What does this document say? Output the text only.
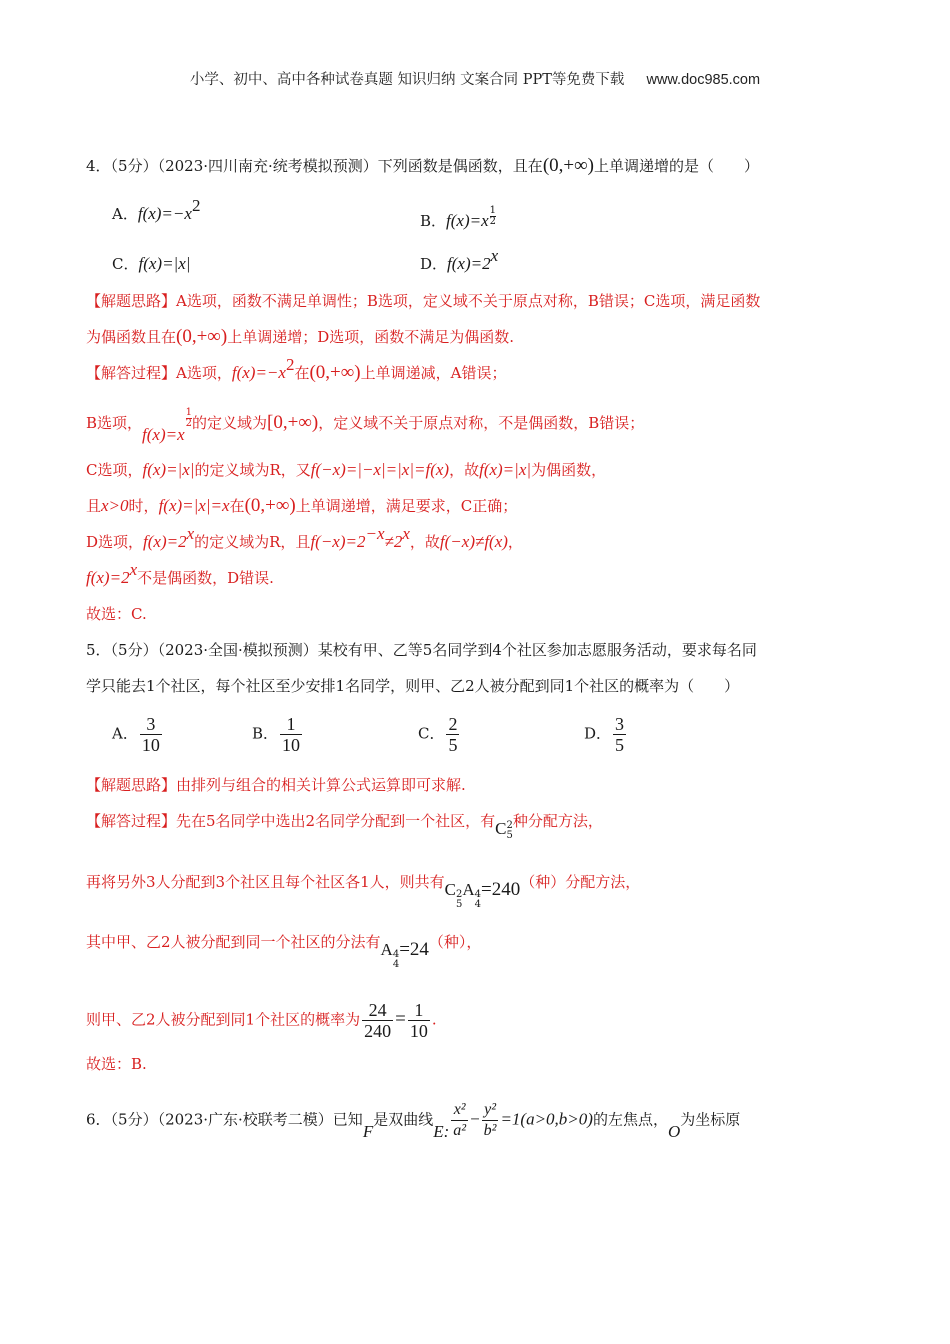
小学、初中、高中各种试卷真题 知识归纳 文案合同 PPT等免费下载 www.doc985.com
4．（5分）（2023·四川南充·统考模拟预测）下列函数是偶函数，且在(0,+∞)上单调递增的是（　　）
A．$f(x)=-x^2$
B．$f(x)=x \frac{1}{2}$
C．f(x)=|x|	D．$f(x)=2^x$
【解题思路】A选项，函数不满足单调性；B选项，定义域不关于原点对称，B错误；C选项，满足函数
为偶函数且在(0,+∞)上单调递增；D选项，函数不满足为偶函数.
【解答过程】A选项，$f(x)=-x^2$在(0,+∞)上单调递减，A错误；
B选项，f(x)=x
$\frac{1}{2}$ 的定义域为[0,+∞)，定义域不关于原点对称，不是偶函数，B错误；
C选项，f(x)=|x|的定义域为R，又f(−x)=|−x|=|x|=f(x)，故f(x)=|x|为偶函数，
且x>0时，f(x)=|x|=x在(0,+∞)上单调递增，满足要求，C正确；
D选项，$f(x)=2^x$的定义域为R，且$f(-x)=2^{-x}\ne 2^x$，故f(−x)≠f(x)，
$f(x)=2^x$不是偶函数，D错误.
故选：C.
5．（5分）（2023·全国·模拟预测）某校有甲、乙等5名同学到4个社区参加志愿服务活动，要求每名同
学只能去1个社区，每个社区至少安排1名同学，则甲、乙2人被分配到同1个社区的概率为（　　）
A． $\frac{3}{10}$	B． $\frac{1}{10}$	C． $\frac{2}{5}$	D． $\frac{3}{5}$
【解题思路】由排列与组合的相关计算公式运算即可求解.
【解答过程】先在5名同学中选出2名同学分配到一个社区，有C 2
5
种分配方法，
再将另外3人分配到3个社区且每个社区各1人，则共有C 2
5
A 4
4
=240（种）分配方法，
其中甲、乙2人被分配到同一个社区的分法有A 4
4
=24（种），
则甲、乙2人被分配到同1个社区的概率为 $\frac{24}{240} = \frac{1}{10}$ .
故选：B.
6．（5分）（2023·广东·校联考二模）已知F是双曲线E: $\frac{\text{x²}}{\text{a²}} - \frac{\text{y²}}{\text{b²}} =1(a>0,b>0)$的左焦点，O为坐标原
